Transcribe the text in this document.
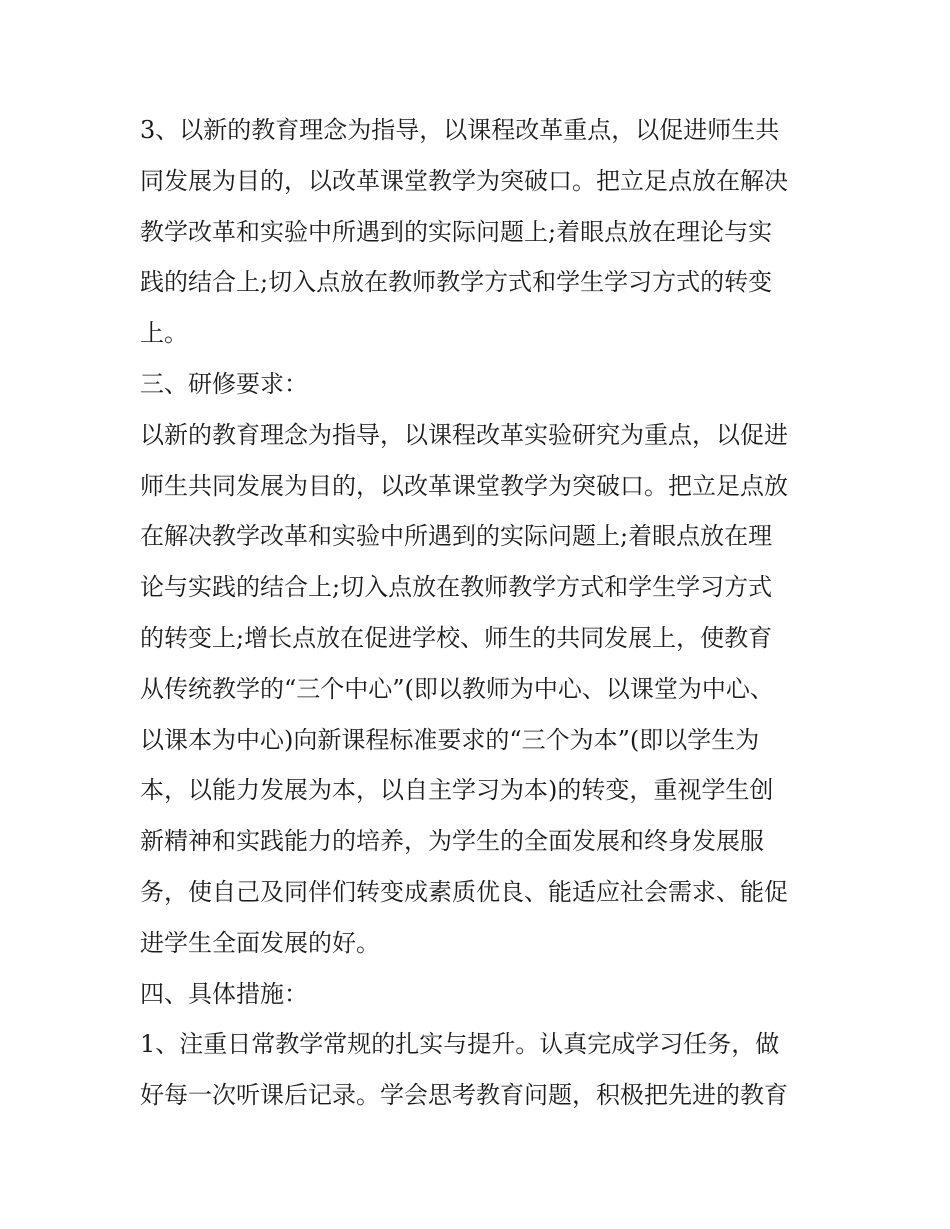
3、以新的教育理念为指导，以课程改革重点，以促进师生共
同发展为目的，以改革课堂教学为突破口。把立足点放在解决
教学改革和实验中所遇到的实际问题上;着眼点放在理论与实
践的结合上;切入点放在教师教学方式和学生学习方式的转变
上。
三、研修要求：
以新的教育理念为指导，以课程改革实验研究为重点，以促进
师生共同发展为目的，以改革课堂教学为突破口。把立足点放
在解决教学改革和实验中所遇到的实际问题上;着眼点放在理
论与实践的结合上;切入点放在教师教学方式和学生学习方式
的转变上;增长点放在促进学校、师生的共同发展上，使教育
从传统教学的“三个中心”(即以教师为中心、以课堂为中心、
以课本为中心)向新课程标准要求的“三个为本”(即以学生为
本，以能力发展为本，以自主学习为本)的转变，重视学生创
新精神和实践能力的培养，为学生的全面发展和终身发展服
务，使自己及同伴们转变成素质优良、能适应社会需求、能促
进学生全面发展的好。
四、具体措施：
1、注重日常教学常规的扎实与提升。认真完成学习任务，做
好每一次听课后记录。学会思考教育问题，积极把先进的教育
